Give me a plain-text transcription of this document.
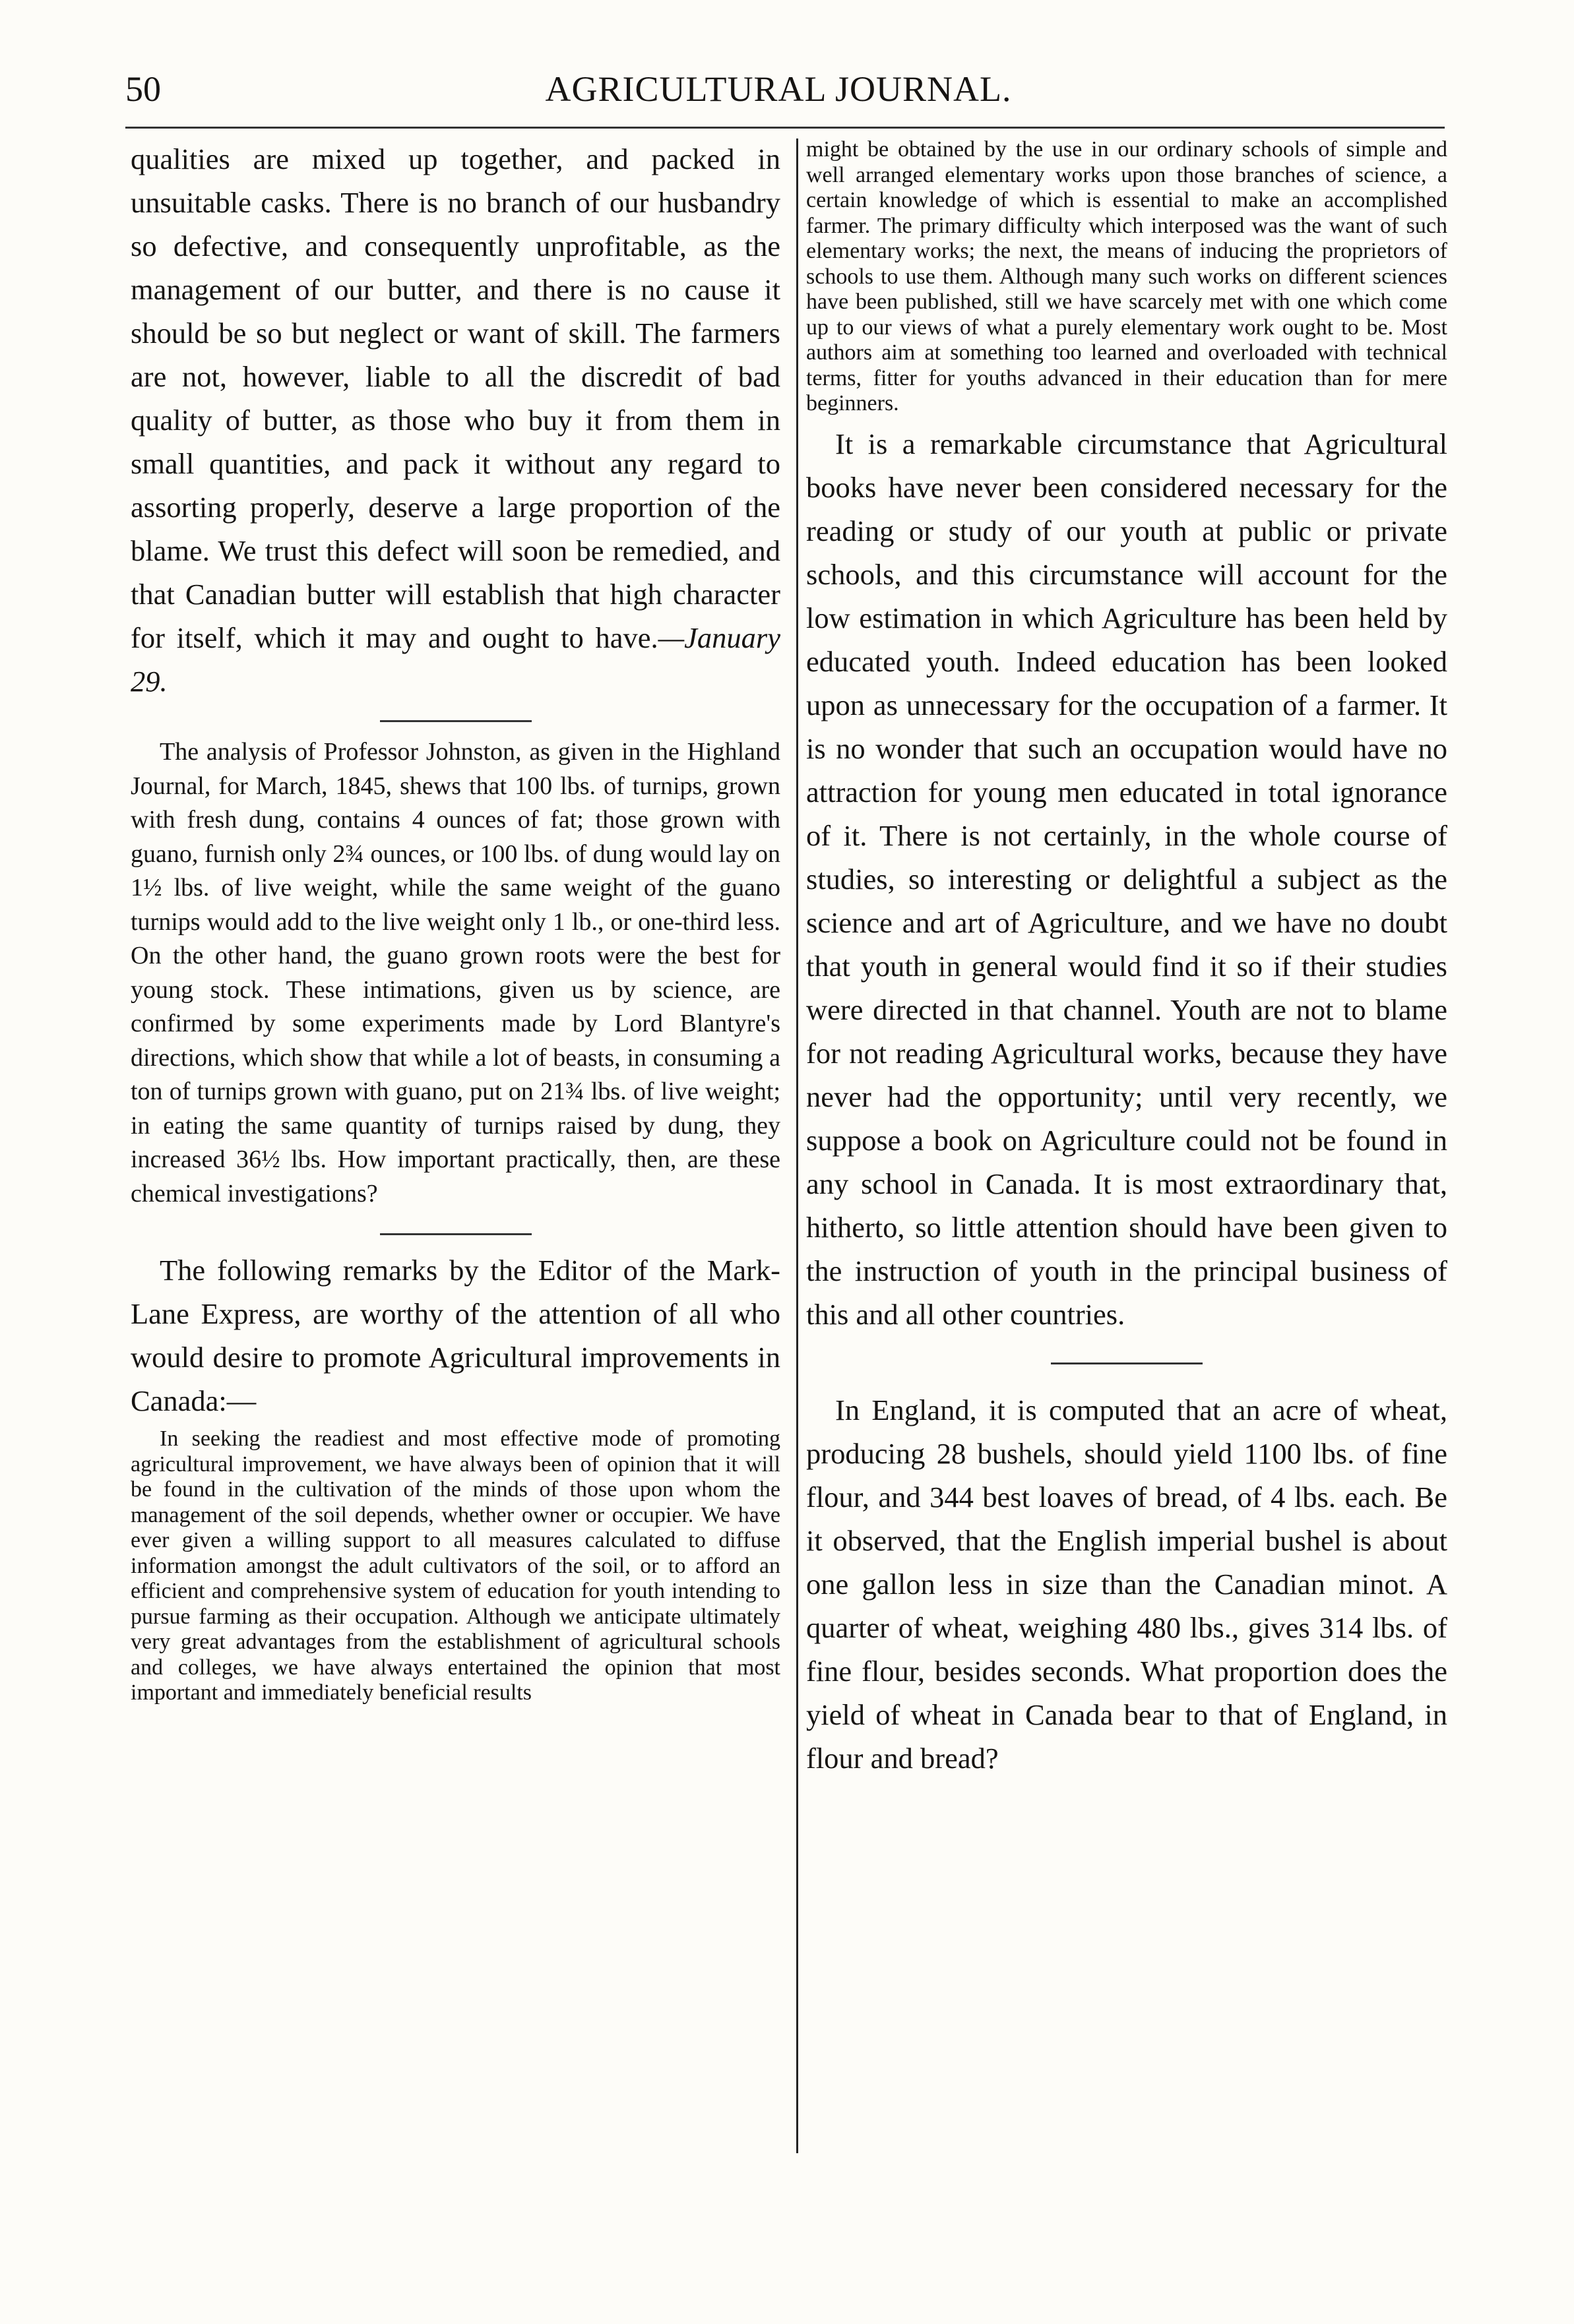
50	AGRICULTURAL JOURNAL.

qualities are mixed up together, and packed in unsuitable casks. There is no branch of our husbandry so defective, and consequently unprofitable, as the management of our butter, and there is no cause it should be so but neglect or want of skill. The farmers are not, however, liable to all the discredit of bad quality of butter, as those who buy it from them in small quantities, and pack it without any regard to assorting properly, deserve a large proportion of the blame. We trust this defect will soon be remedied, and that Canadian butter will establish that high character for itself, which it may and ought to have.—January 29.

The analysis of Professor Johnston, as given in the Highland Journal, for March, 1845, shews that 100 lbs. of turnips, grown with fresh dung, contains 4 ounces of fat; those grown with guano, furnish only 2¾ ounces, or 100 lbs. of dung would lay on 1½ lbs. of live weight, while the same weight of the guano turnips would add to the live weight only 1 lb., or one-third less. On the other hand, the guano grown roots were the best for young stock. These intimations, given us by science, are confirmed by some experiments made by Lord Blantyre's directions, which show that while a lot of beasts, in consuming a ton of turnips grown with guano, put on 21¾ lbs. of live weight; in eating the same quantity of turnips raised by dung, they increased 36½ lbs. How important practically, then, are these chemical investigations?

The following remarks by the Editor of the Mark-Lane Express, are worthy of the attention of all who would desire to promote Agricultural improvements in Canada:—

In seeking the readiest and most effective mode of promoting agricultural improvement, we have always been of opinion that it will be found in the cultivation of the minds of those upon whom the management of the soil depends, whether owner or occupier. We have ever given a willing support to all measures calculated to diffuse information amongst the adult cultivators of the soil, or to afford an efficient and comprehensive system of education for youth intending to pursue farming as their occupation. Although we anticipate ultimately very great advantages from the establishment of agricultural schools and colleges, we have always entertained the opinion that most important and immediately beneficial results

might be obtained by the use in our ordinary schools of simple and well arranged elementary works upon those branches of science, a certain knowledge of which is essential to make an accomplished farmer. The primary difficulty which interposed was the want of such elementary works; the next, the means of inducing the proprietors of schools to use them. Although many such works on different sciences have been published, still we have scarcely met with one which come up to our views of what a purely elementary work ought to be. Most authors aim at something too learned and overloaded with technical terms, fitter for youths advanced in their education than for mere beginners.

It is a remarkable circumstance that Agricultural books have never been considered necessary for the reading or study of our youth at public or private schools, and this circumstance will account for the low estimation in which Agriculture has been held by educated youth. Indeed education has been looked upon as unnecessary for the occupation of a farmer. It is no wonder that such an occupation would have no attraction for young men educated in total ignorance of it. There is not certainly, in the whole course of studies, so interesting or delightful a subject as the science and art of Agriculture, and we have no doubt that youth in general would find it so if their studies were directed in that channel. Youth are not to blame for not reading Agricultural works, because they have never had the opportunity; until very recently, we suppose a book on Agriculture could not be found in any school in Canada. It is most extraordinary that, hitherto, so little attention should have been given to the instruction of youth in the principal business of this and all other countries.

In England, it is computed that an acre of wheat, producing 28 bushels, should yield 1100 lbs. of fine flour, and 344 best loaves of bread, of 4 lbs. each. Be it observed, that the English imperial bushel is about one gallon less in size than the Canadian minot. A quarter of wheat, weighing 480 lbs., gives 314 lbs. of fine flour, besides seconds. What proportion does the yield of wheat in Canada bear to that of England, in flour and bread?
